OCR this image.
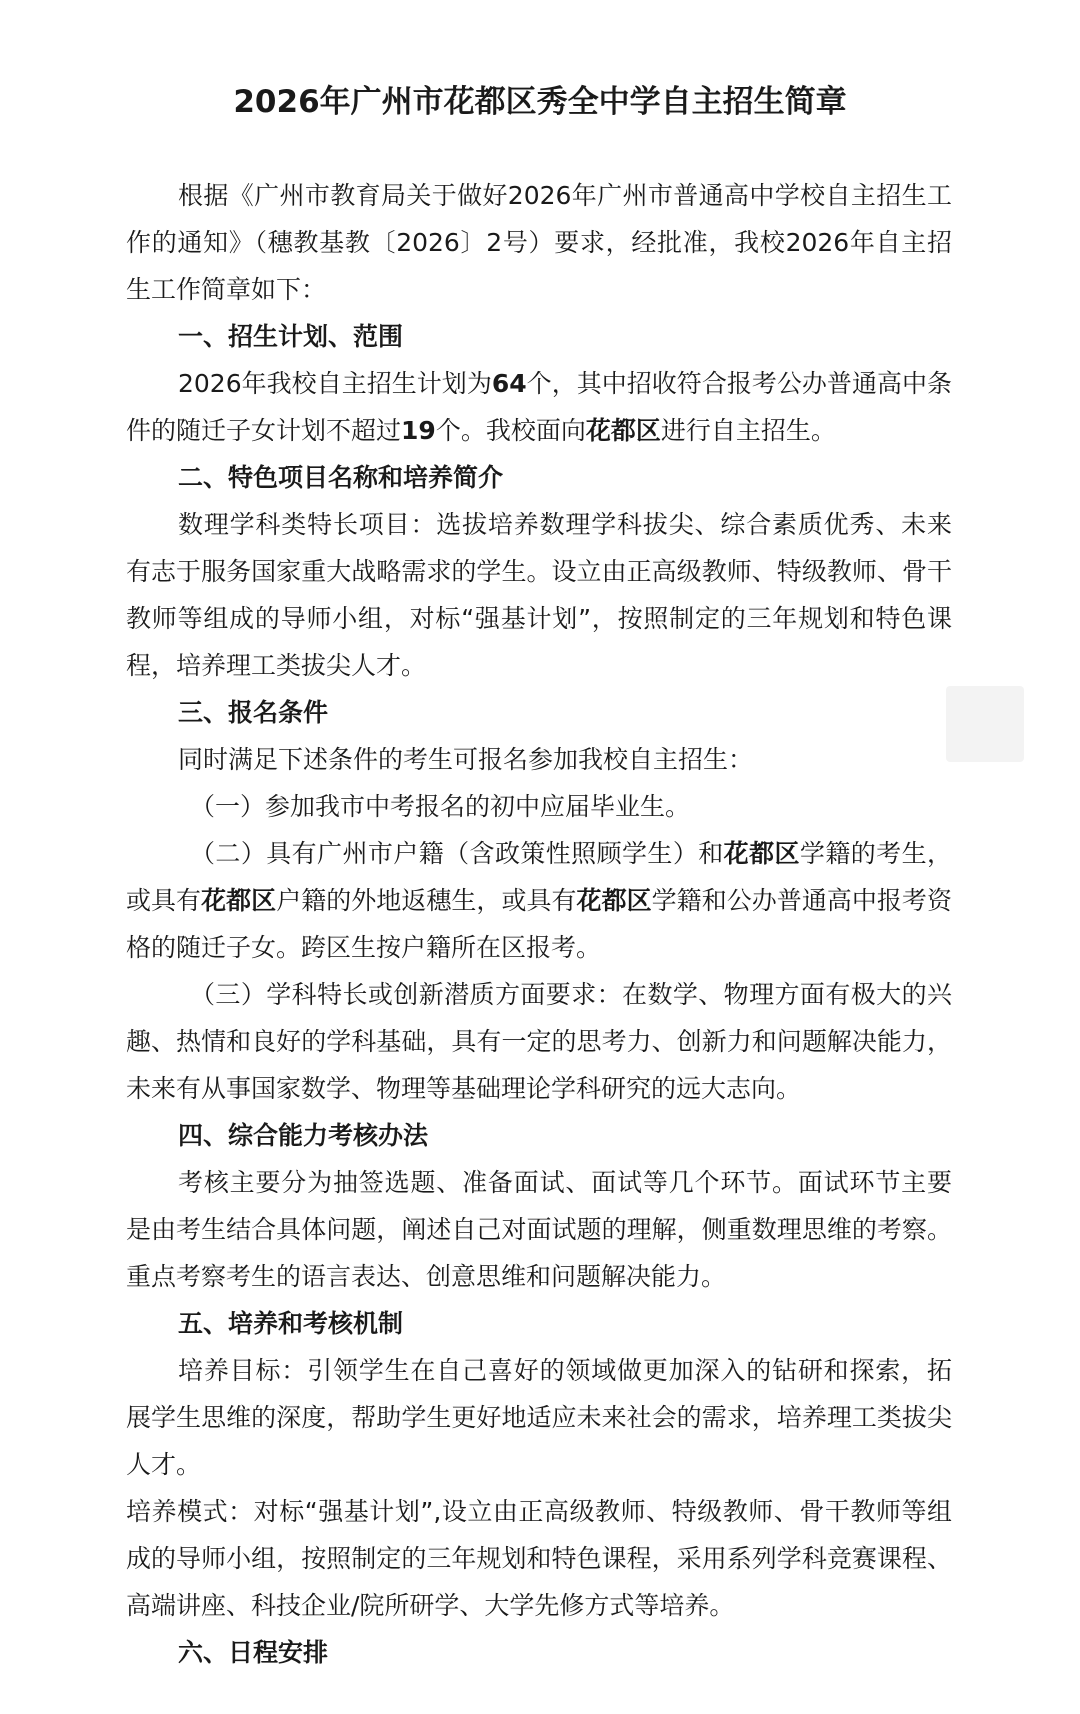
2026年广州市花都区秀全中学自主招生简章

根据《广州市教育局关于做好2026年广州市普通高中学校自主招生工作的通知》（穗教基教〔2026〕2号）要求，经批准，我校2026年自主招生工作简章如下：

一、招生计划、范围

2026年我校自主招生计划为64个，其中招收符合报考公办普通高中条件的随迁子女计划不超过19个。我校面向花都区进行自主招生。

二、特色项目名称和培养简介

数理学科类特长项目：选拔培养数理学科拔尖、综合素质优秀、未来有志于服务国家重大战略需求的学生。设立由正高级教师、特级教师、骨干教师等组成的导师小组，对标“强基计划”，按照制定的三年规划和特色课程，培养理工类拔尖人才。

三、报名条件

同时满足下述条件的考生可报名参加我校自主招生：

（一）参加我市中考报名的初中应届毕业生。

（二）具有广州市户籍（含政策性照顾学生）和花都区学籍的考生，或具有花都区户籍的外地返穗生，或具有花都区学籍和公办普通高中报考资格的随迁子女。跨区生按户籍所在区报考。

（三）学科特长或创新潜质方面要求：在数学、物理方面有极大的兴趣、热情和良好的学科基础，具有一定的思考力、创新力和问题解决能力，未来有从事国家数学、物理等基础理论学科研究的远大志向。

四、综合能力考核办法

考核主要分为抽签选题、准备面试、面试等几个环节。面试环节主要是由考生结合具体问题，阐述自己对面试题的理解，侧重数理思维的考察。重点考察考生的语言表达、创意思维和问题解决能力。

五、培养和考核机制

培养目标：引领学生在自己喜好的领域做更加深入的钻研和探索，拓展学生思维的深度，帮助学生更好地适应未来社会的需求，培养理工类拔尖人才。

培养模式：对标“强基计划”,设立由正高级教师、特级教师、骨干教师等组成的导师小组，按照制定的三年规划和特色课程，采用系列学科竞赛课程、高端讲座、科技企业/院所研学、大学先修方式等培养。

六、日程安排
